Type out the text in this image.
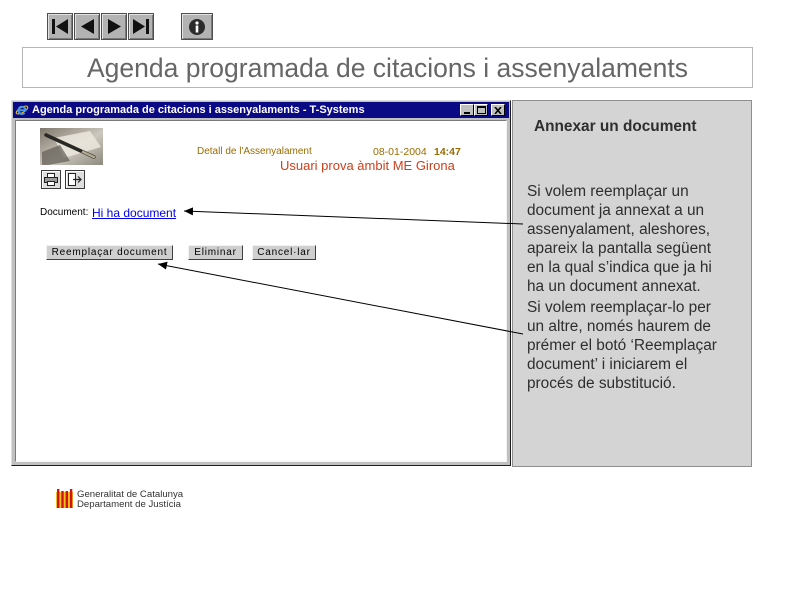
Agenda programada de citacions i assenyalaments
Agenda programada de citacions i assenyalaments - T-Systems
Detall de l'Assenyalament	08-01-2004 14:47
Usuari prova àmbit ME Girona
Document: Hi ha document
Reemplaçar document	Eliminar	Cancel·lar
Annexar un document

Si volem reemplaçar un
document ja annexat a un
assenyalament, aleshores,
apareix la pantalla següent
en la qual s’indica que ja hi
ha un document annexat.

Si volem reemplaçar-lo per
un altre, només haurem de
prémer el botó ‘Reemplaçar
document’ i iniciarem el
procés de substitució.

Generalitat de Catalunya
Departament de Justícia
